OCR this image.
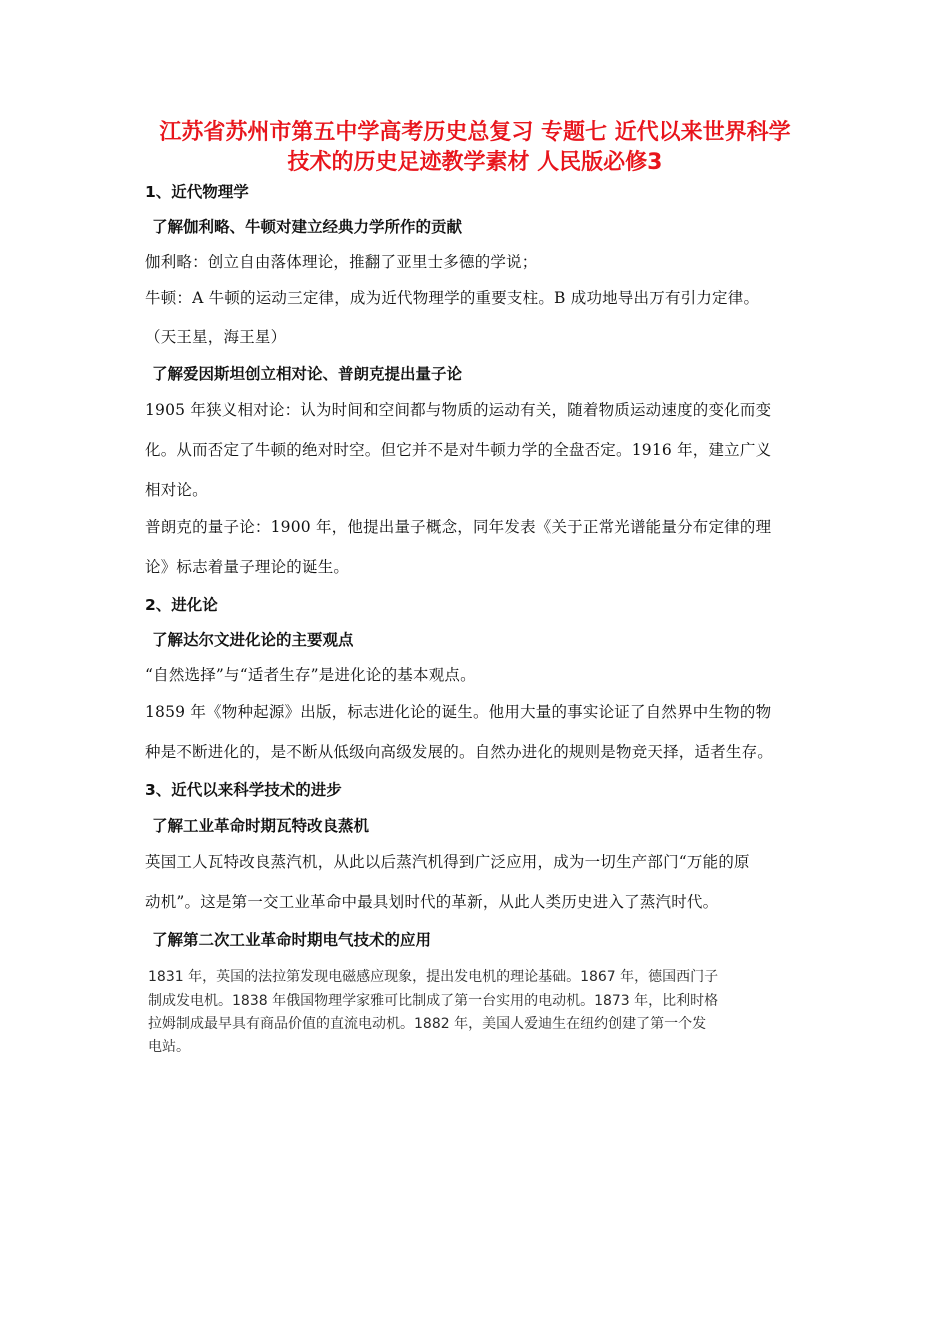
江苏省苏州市第五中学高考历史总复习 专题七 近代以来世界科学
技术的历史足迹教学素材 人民版必修3
1、近代物理学
了解伽利略、牛顿对建立经典力学所作的贡献
伽利略：创立自由落体理论，推翻了亚里士多德的学说；
牛顿：A 牛顿的运动三定律，成为近代物理学的重要支柱。B 成功地导出万有引力定律。
（天王星，海王星）
了解爱因斯坦创立相对论、普朗克提出量子论
1905 年狭义相对论：认为时间和空间都与物质的运动有关，随着物质运动速度的变化而变
化。从而否定了牛顿的绝对时空。但它并不是对牛顿力学的全盘否定。1916 年，建立广义
相对论。
普朗克的量子论：1900 年，他提出量子概念，同年发表《关于正常光谱能量分布定律的理
论》标志着量子理论的诞生。
2、进化论
了解达尔文进化论的主要观点
“自然选择”与“适者生存”是进化论的基本观点。
1859 年《物种起源》出版，标志进化论的诞生。他用大量的事实论证了自然界中生物的物
种是不断进化的，是不断从低级向高级发展的。自然办进化的规则是物竞天择，适者生存。
3、近代以来科学技术的进步
了解工业革命时期瓦特改良蒸机
英国工人瓦特改良蒸汽机，从此以后蒸汽机得到广泛应用，成为一切生产部门“万能的原
动机”。这是第一交工业革命中最具划时代的革新，从此人类历史进入了蒸汽时代。
了解第二次工业革命时期电气技术的应用
1831 年，英国的法拉第发现电磁感应现象，提出发电机的理论基础。1867 年，德国西门子
制成发电机。1838 年俄国物理学家雅可比制成了第一台实用的电动机。1873 年，比利时格
拉姆制成最早具有商品价值的直流电动机。1882 年，美国人爱迪生在纽约创建了第一个发
电站。
